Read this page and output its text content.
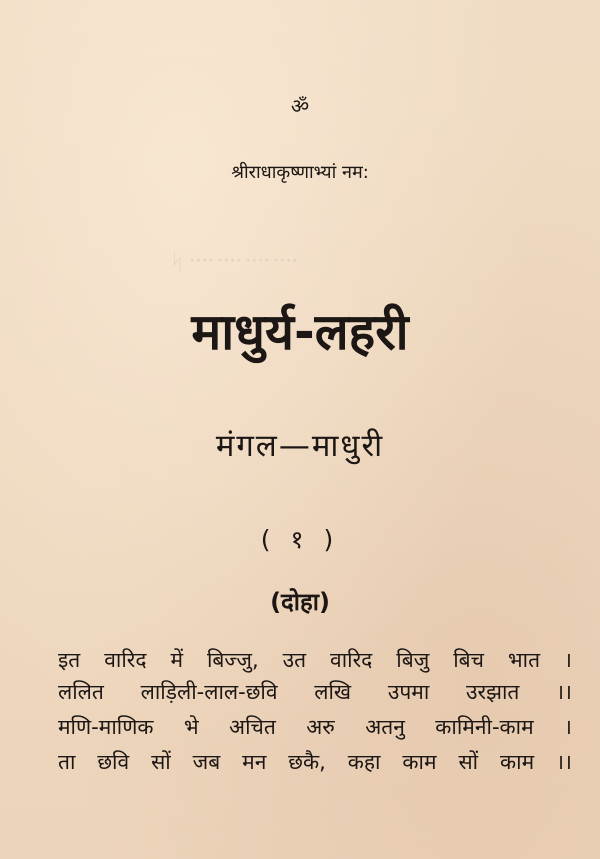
ᛋ᠁᠁᠁᠁
ॐ
श्रीराधाकृष्णाभ्यां नम:
माधुर्य-लहरी
मंगल—माधुरी
( १ )
(दोहा)
इत वारिद में बिज्जु, उत वारिद बिजु बिच भात ।
ललित लाड़िली-लाल-छवि लखि उपमा उरझात ।।
मणि-माणिक भे अचित अरु अतनु कामिनी-काम ।
ता छवि सों जब मन छकै, कहा काम सों काम ।।
